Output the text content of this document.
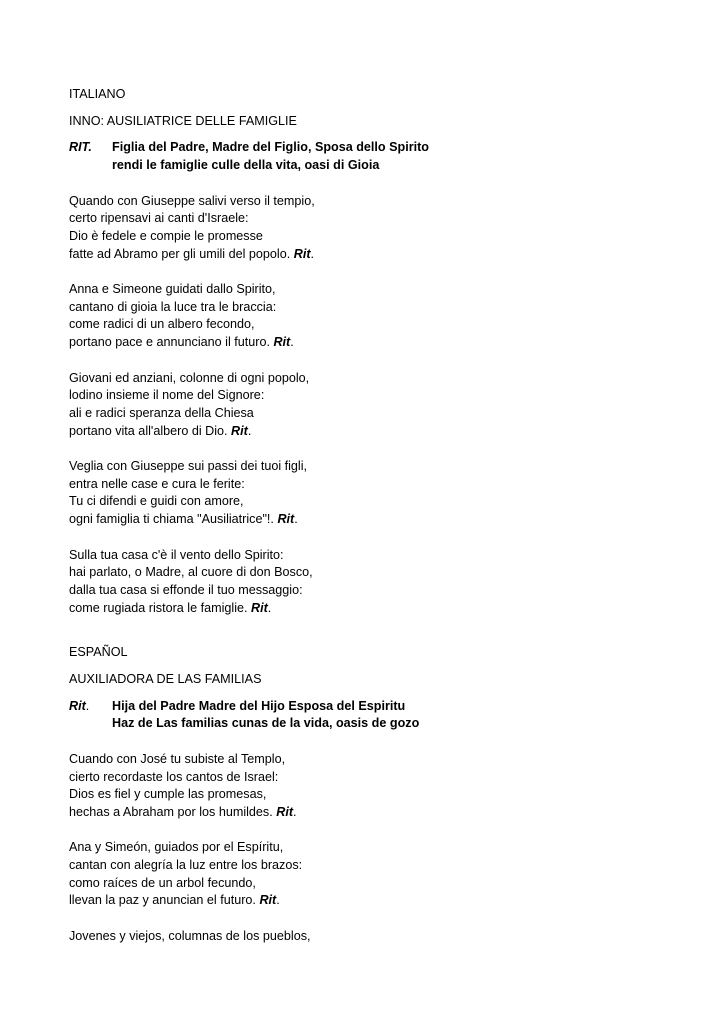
ITALIANO
INNO: AUSILIATRICE DELLE FAMIGLIE
RIT.	Figlia del Padre, Madre del Figlio, Sposa dello Spirito
rendi le famiglie culle della vita, oasi di Gioia
Quando con Giuseppe salivi verso il tempio,
certo ripensavi ai canti d'Israele:
Dio è fedele e compie le promesse
fatte ad Abramo per gli umili del popolo. Rit.
Anna e Simeone guidati dallo Spirito,
cantano di gioia la luce tra le braccia:
come radici di un albero fecondo,
portano pace e annunciano il futuro. Rit.
Giovani ed anziani, colonne di ogni popolo,
lodino insieme il nome del Signore:
ali e radici speranza della Chiesa
portano vita all'albero di Dio. Rit.
Veglia con Giuseppe sui passi dei tuoi figli,
entra nelle case e cura le ferite:
Tu ci difendi e guidi con amore,
ogni famiglia ti chiama "Ausiliatrice"!. Rit.
Sulla tua casa c'è il vento dello Spirito:
hai parlato, o Madre, al cuore di don Bosco,
dalla tua casa si effonde il tuo messaggio:
come rugiada ristora le famiglie. Rit.
ESPAÑOL
AUXILIADORA DE LAS FAMILIAS
Rit.	Hija del Padre Madre del Hijo Esposa del Espiritu
Haz de Las familias cunas de la vida, oasis de gozo
Cuando con José tu subiste al Templo,
cierto recordaste los cantos de Israel:
Dios es fiel y cumple las promesas,
hechas a Abraham por los humildes. Rit.
Ana y Simeón, guiados por el Espíritu,
cantan con alegría la luz entre los brazos:
como raíces de un arbol fecundo,
llevan la paz y anuncian el futuro. Rit.
Jovenes y viejos, columnas de los pueblos,
